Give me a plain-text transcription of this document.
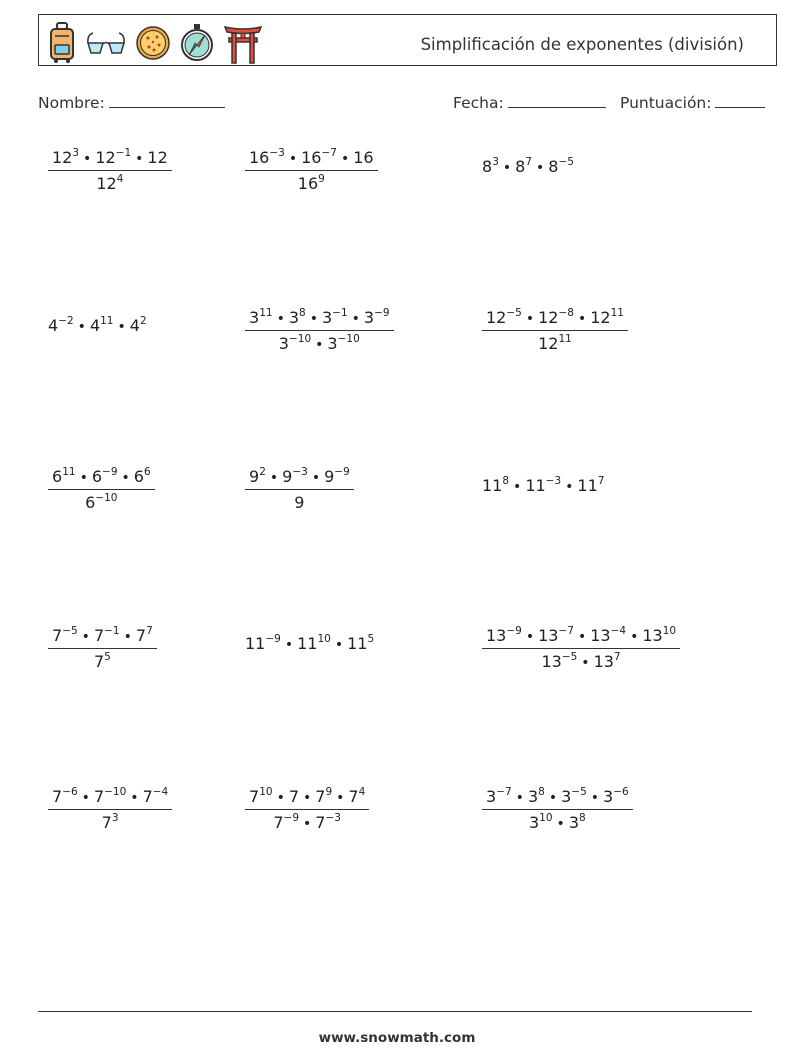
Simplificación de exponentes (división)
Nombre:	Fecha:	Puntuación:
$\frac{12^3 • 12^{-1} • 12}{12^4}$	$\frac{16^{-3} • 16^{-7} • 16}{16^9}$	$8^3$ • $8^7$ • $8^{-5}$
$4^{-2}$ • $4^{11}$ • $4^2$	$\frac{3^{11} • 3^8 • 3^{-1} • 3^{-9}}{3^{-10} • 3^{-10}}$	$\frac{12^{-5} • 12^{-8} • 12^{11}}{12^{11}}$
$\frac{6^{11} • 6^{-9} • 6^6}{6^{-10}}$	$\frac{9^2 • 9^{-3} • 9^{-9}}{9}$	$11^8$ • $11^{-3}$ • $11^7$
$\frac{7^{-5} • 7^{-1} • 7^7}{7^5}$	$11^{-9}$ • $11^{10}$ • $11^5$	$\frac{13^{-9} • 13^{-7} • 13^{-4} • 13^{10}}{13^{-5} • 13^7}$
$\frac{7^{-6} • 7^{-10} • 7^{-4}}{7^3}$	$\frac{7^{10} • 7 • 7^9 • 7^4}{7^{-9} • 7^{-3}}$	$\frac{3^{-7} • 3^8 • 3^{-5} • 3^{-6}}{3^{10} • 3^8}$
www.snowmath.com
